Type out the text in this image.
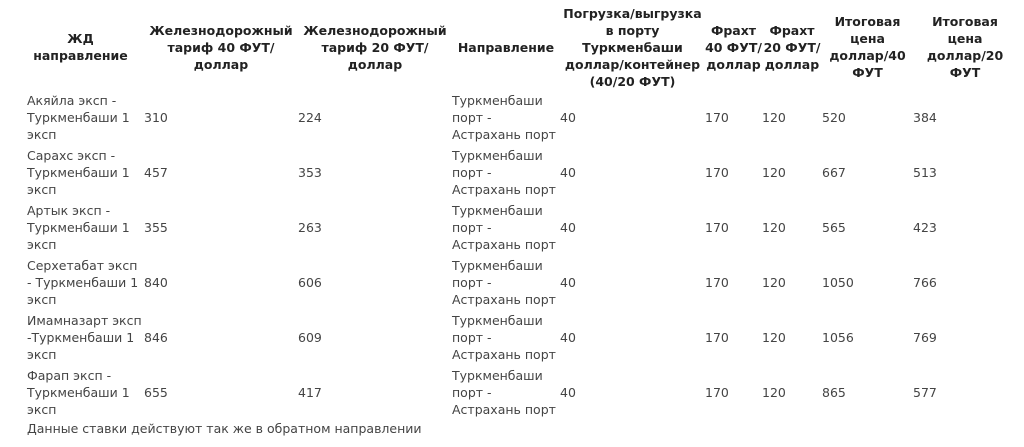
ЖД направление	Железнодорожный тариф 40 ФУТ/ доллар	Железнодорожный тариф 20 ФУТ/ доллар	Направление	Погрузка/выгрузка в порту Туркменбаши доллар/контейнер (40/20 ФУТ)	Фрахт 40 ФУТ/ доллар	Фрахт 20 ФУТ/ доллар	Итоговая цена доллар/40 ФУТ	Итоговая цена доллар/20 ФУТ
Акяйла эксп - Туркменбаши 1 эксп	310	224	Туркменбаши порт - Астрахань порт	40	170	120	520	384
Сарахс эксп - Туркменбаши 1 эксп	457	353	Туркменбаши порт - Астрахань порт	40	170	120	667	513
Артык эксп - Туркменбаши 1 эксп	355	263	Туркменбаши порт - Астрахань порт	40	170	120	565	423
Серхетабат эксп - Туркменбаши 1 эксп	840	606	Туркменбаши порт - Астрахань порт	40	170	120	1050	766
Имамназарт эксп -Туркменбаши 1 эксп	846	609	Туркменбаши порт - Астрахань порт	40	170	120	1056	769
Фарап эксп - Туркменбаши 1 эксп	655	417	Туркменбаши порт - Астрахань порт	40	170	120	865	577
Данные ставки действуют так же в обратном направлении
